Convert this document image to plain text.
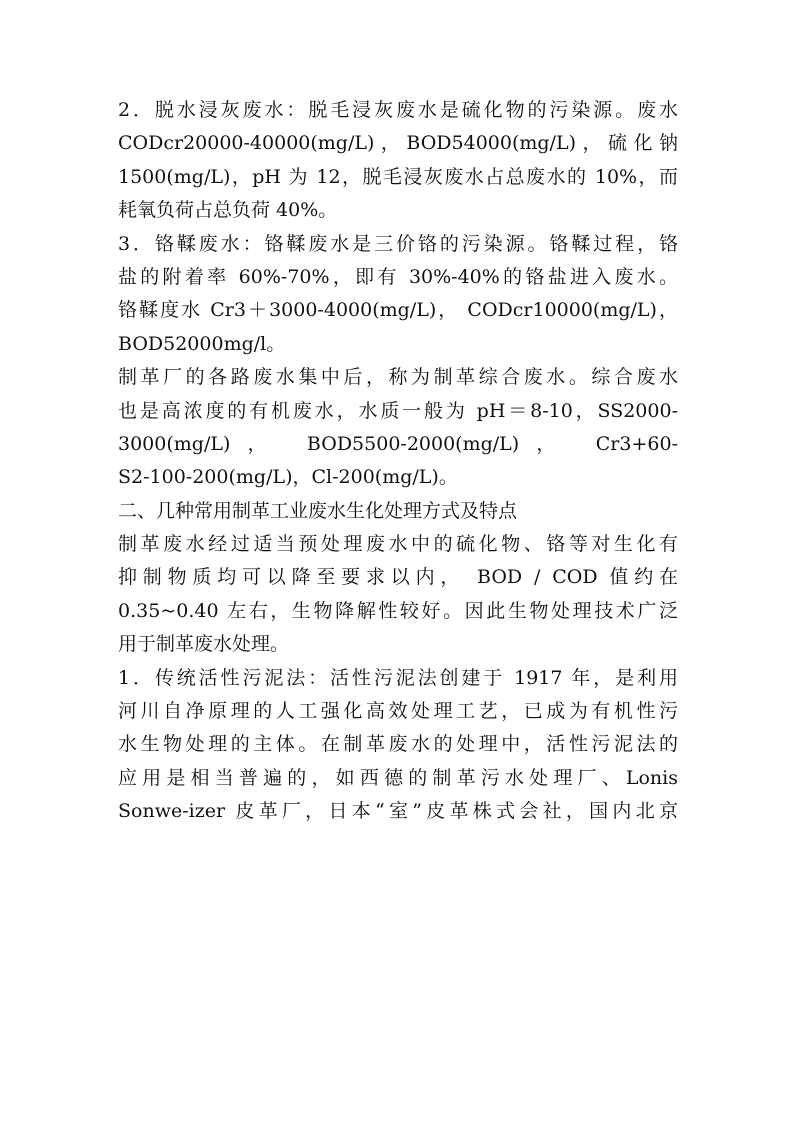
2．脱水浸灰废水：脱毛浸灰废水是硫化物的污染源。废水
CODcr20000-40000(mg/L)，BOD54000(mg/L)，硫化钠
1500(mg/L)，pH 为 12，脱毛浸灰废水占总废水的 10%，而
耗氧负荷占总负荷 40%。
3．铬鞣废水：铬鞣废水是三价铬的污染源。铬鞣过程，铬
盐的附着率 60%-70%，即有 30%-40%的铬盐进入废水。
铬鞣度水 Cr3＋3000-4000(mg/L)， CODcr10000(mg/L)，
BOD52000mg/l。
制革厂的各路废水集中后，称为制革综合废水。综合废水
也是高浓度的有机废水，水质一般为 pH＝8-10，SS2000-
3000(mg/L)， BOD5500-2000(mg/L)， Cr3+60-
S2-100-200(mg/L)，Cl-200(mg/L)。
二、几种常用制革工业废水生化处理方式及特点
制革废水经过适当预处理废水中的硫化物、铬等对生化有
抑制物质均可以降至要求以内， BOD / COD 值约在
0.35~0.40 左右，生物降解性较好。因此生物处理技术广泛
用于制革废水处理。
1．传统活性污泥法：活性污泥法创建于 1917 年，是利用
河川自净原理的人工强化高效处理工艺，已成为有机性污
水生物处理的主体。在制革废水的处理中，活性污泥法的
应用是相当普遍的，如西德的制革污水处理厂、Lonis
Sonwe-izer 皮革厂，日本“室”皮革株式会社，国内北京
